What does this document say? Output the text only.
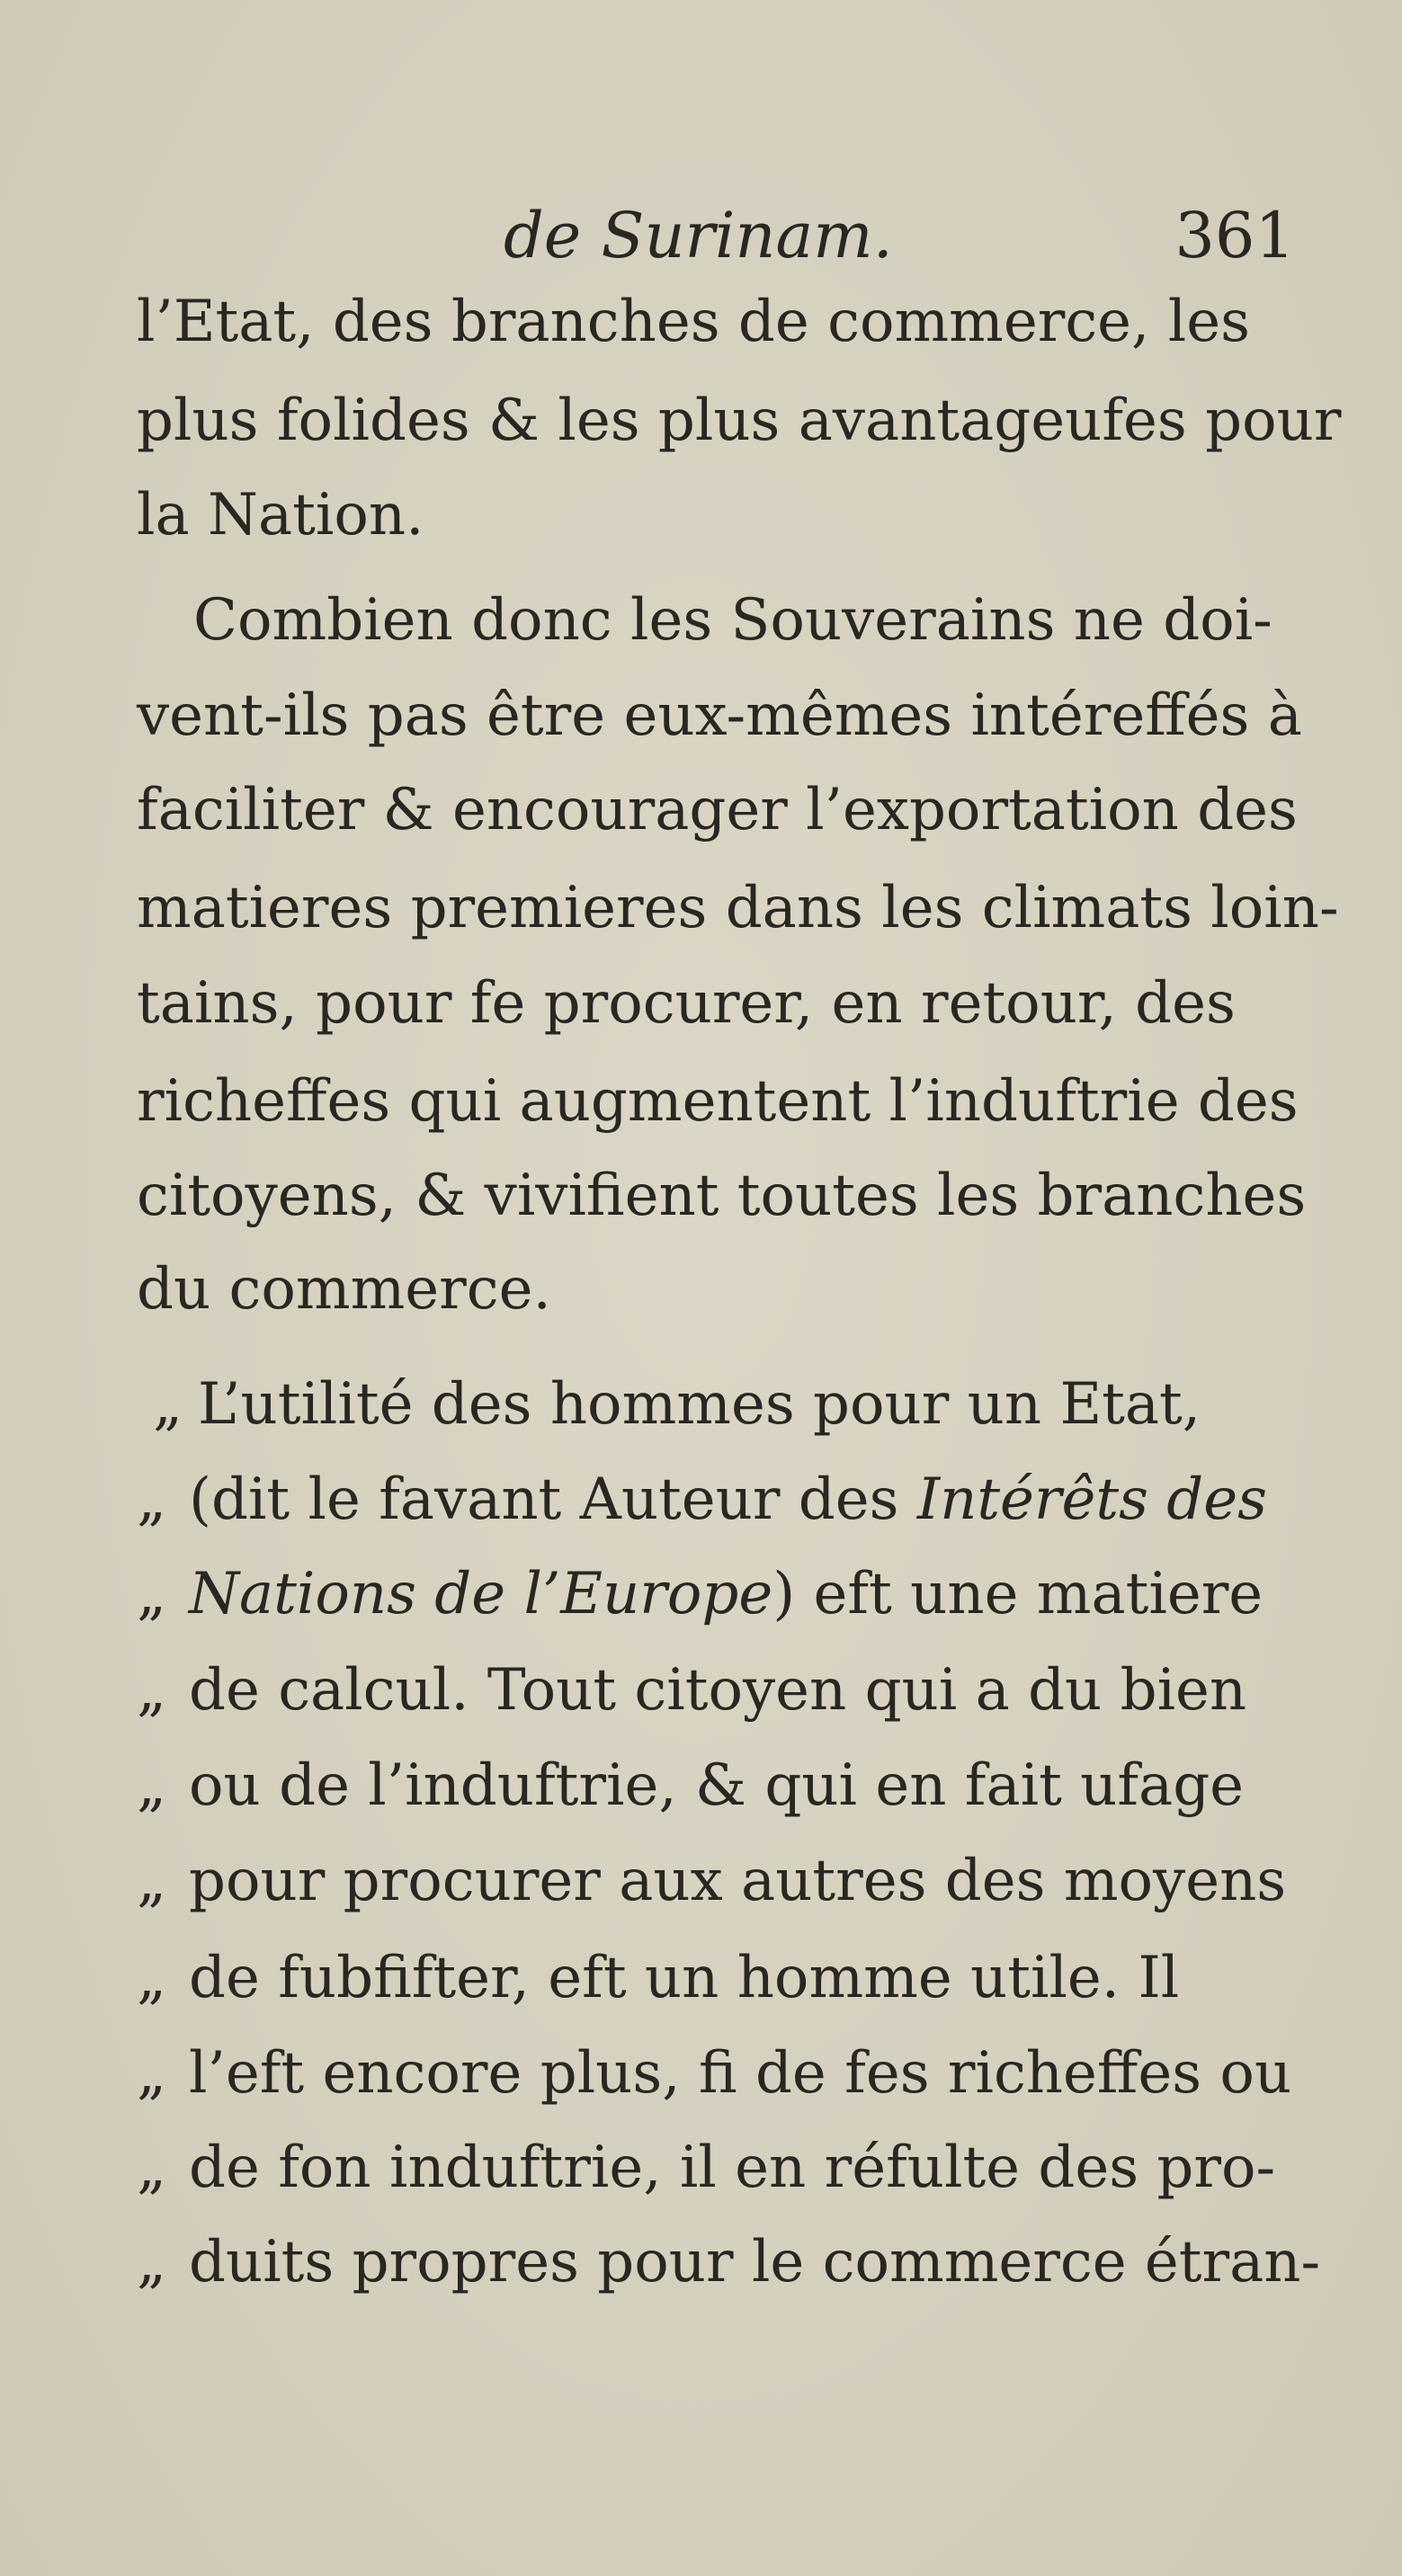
de Surinam.	361
l’Etat, des branches de commerce, les
plus folides & les plus avantageufes pour
la Nation.
Combien donc les Souverains ne doi-
vent-ils pas être eux-mêmes intéreffés à
faciliter & encourager l’exportation des
matieres premieres dans les climats loin-
tains, pour fe procurer, en retour, des
richeffes qui augmentent l’induftrie des
citoyens, & vivifient toutes les branches
du commerce.
„ L’utilité des hommes pour un Etat,
„ (dit le favant Auteur des Intérêts des
„ Nations de l’Europe) eft une matiere
„ de calcul. Tout citoyen qui a du bien
„ ou de l’induftrie, & qui en fait ufage
„ pour procurer aux autres des moyens
„ de fubfifter, eft un homme utile. Il
„ l’eft encore plus, fi de fes richeffes ou
„ de fon induftrie, il en réfulte des pro-
„ duits propres pour le commerce étran-
